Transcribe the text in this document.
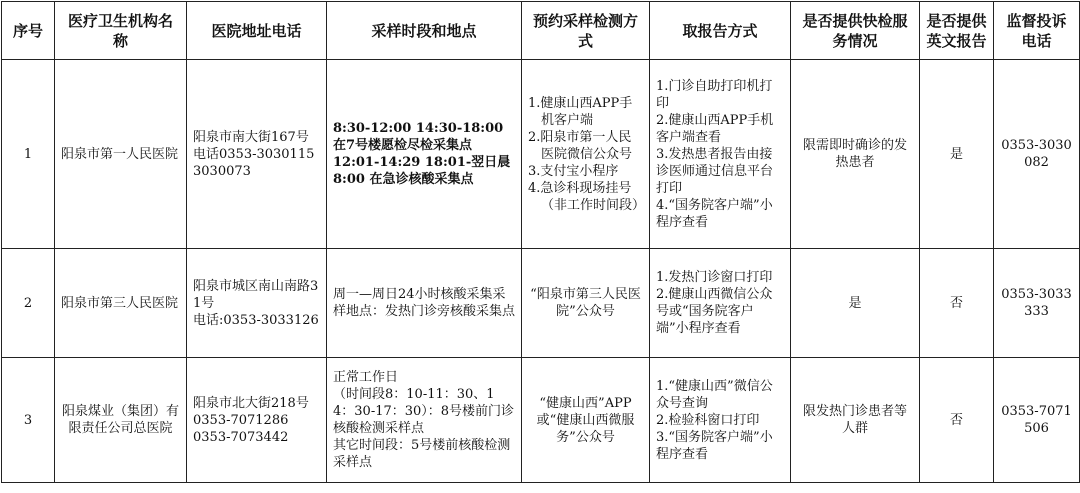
序号	医疗卫生机构名称	医院地址电话	采样时段和地点	预约采样检测方式	取报告方式	是否提供快检服务情况	是否提供英文报告	监督投诉电话
1	阳泉市第一人民医院	阳泉市南大街167号
电话0353-3030115
3030073	8:30-12:00 14:30-18:00 在7号楼愿检尽检采集点
12:01-14:29 18:01-翌日晨8:00 在急诊核酸采集点	1.健康山西APP手机客户端
2.阳泉市第一人民医院微信公众号
3.支付宝小程序
4.急诊科现场挂号（非工作时间段）	1.门诊自助打印机打印
2.健康山西APP手机客户端查看
3.发热患者报告由接诊医师通过信息平台打印
4.“国务院客户端”小程序查看	限需即时确诊的发热患者	是	0353-3030082
2	阳泉市第三人民医院	阳泉市城区南山南路31号
电话:0353-3033126	周一—周日24小时核酸采集采样地点：发热门诊旁核酸采集点	“阳泉市第三人民医院”公众号	1.发热门诊窗口打印
2.健康山西微信公众号或“国务院客户端”小程序查看	是	否	0353-3033333
3	阳泉煤业（集团）有限责任公司总医院	阳泉市北大街218号
0353-7071286
0353-7073442	正常工作日
（时间段8：10-11：30、14：30-17：30）：8号楼前门诊核酸检测采样点
其它时间段：5号楼前核酸检测采样点	“健康山西”APP或“健康山西微服务”公众号	1.“健康山西”微信公众号查询
2.检验科窗口打印
3.“国务院客户端”小程序查看	限发热门诊患者等人群	否	0353-7071506
